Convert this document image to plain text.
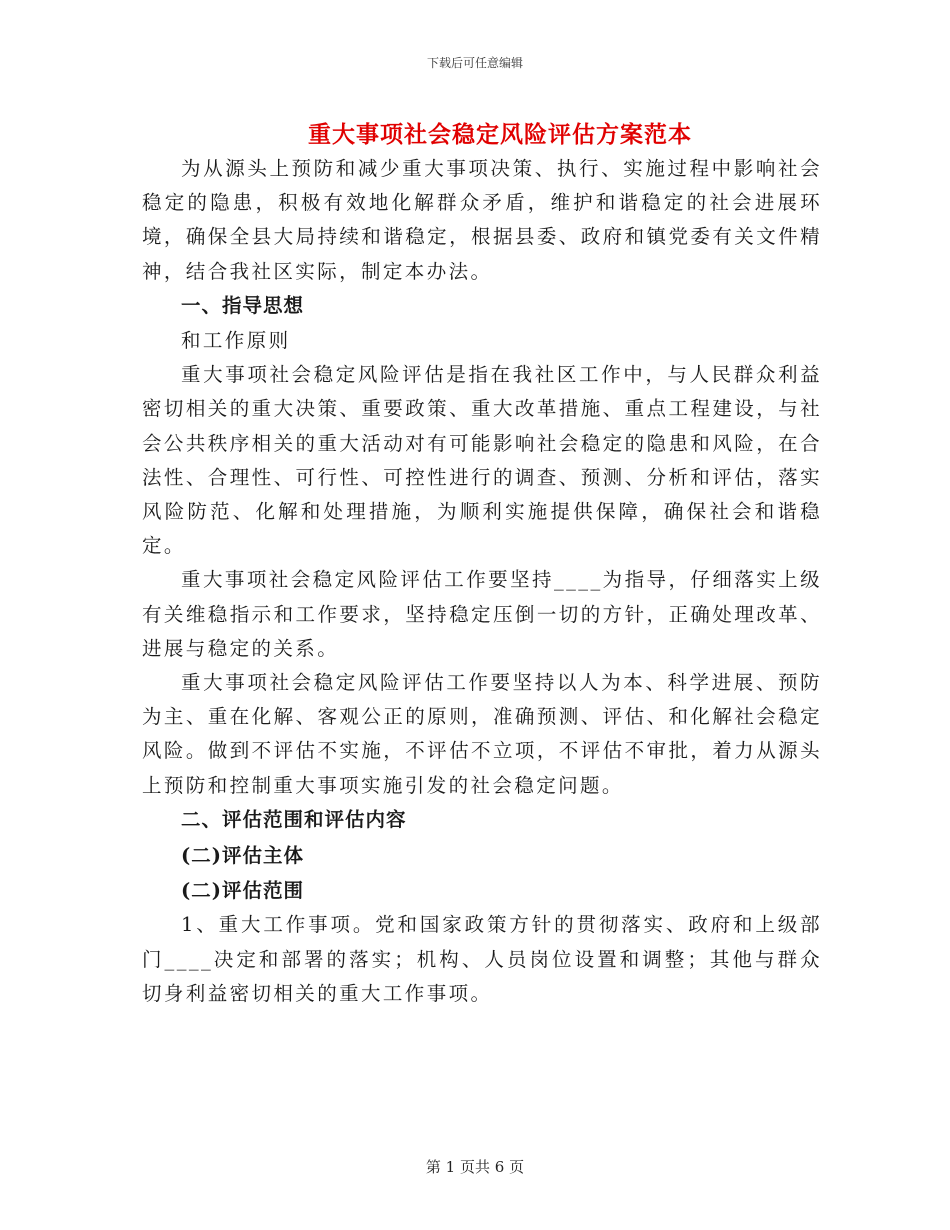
下载后可任意编辑
重大事项社会稳定风险评估方案范本

为从源头上预防和减少重大事项决策、执行、实施过程中影响社会稳定的隐患，积极有效地化解群众矛盾，维护和谐稳定的社会进展环境，确保全县大局持续和谐稳定，根据县委、政府和镇党委有关文件精神，结合我社区实际，制定本办法。

一、指导思想

和工作原则

重大事项社会稳定风险评估是指在我社区工作中，与人民群众利益密切相关的重大决策、重要政策、重大改革措施、重点工程建设，与社会公共秩序相关的重大活动对有可能影响社会稳定的隐患和风险，在合法性、合理性、可行性、可控性进行的调查、预测、分析和评估，落实风险防范、化解和处理措施，为顺利实施提供保障，确保社会和谐稳定。

重大事项社会稳定风险评估工作要坚持____为指导，仔细落实上级有关维稳指示和工作要求，坚持稳定压倒一切的方针，正确处理改革、进展与稳定的关系。

重大事项社会稳定风险评估工作要坚持以人为本、科学进展、预防为主、重在化解、客观公正的原则，准确预测、评估、和化解社会稳定风险。做到不评估不实施，不评估不立项，不评估不审批，着力从源头上预防和控制重大事项实施引发的社会稳定问题。

二、评估范围和评估内容

(二)评估主体

(二)评估范围

1、重大工作事项。党和国家政策方针的贯彻落实、政府和上级部门____决定和部署的落实；机构、人员岗位设置和调整；其他与群众切身利益密切相关的重大工作事项。

第 1 页共 6 页
